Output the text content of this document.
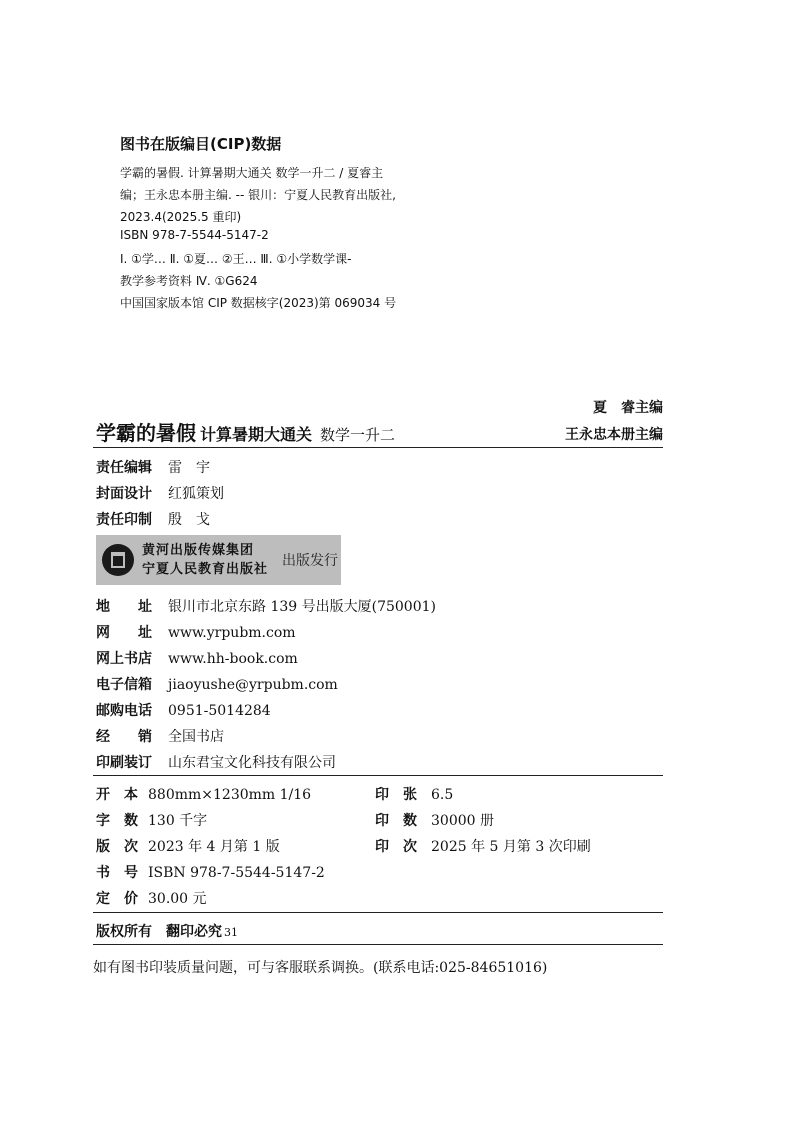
图书在版编目(CIP)数据
学霸的暑假. 计算暑期大通关 数学一升二 / 夏睿主
编；王永忠本册主编. -- 银川：宁夏人民教育出版社,
2023.4(2025.5 重印)
ISBN 978-7-5544-5147-2
Ⅰ. ①学… Ⅱ. ①夏… ②王… Ⅲ. ①小学数学课-
教学参考资料 Ⅳ. ①G624
中国国家版本馆 CIP 数据核字(2023)第 069034 号
夏　睿主编
王永忠本册主编
学霸的暑假 计算暑期大通关 数学一升二
责任编辑 雷　宇
封面设计 红狐策划
责任印制 殷　戈
黄河出版传媒集团
宁夏人民教育出版社
出版发行
地　　址 银川市北京东路 139 号出版大厦(750001)
网　　址 www.yrpubm.com
网上书店 www.hh-book.com
电子信箱 jiaoyushe@yrpubm.com
邮购电话 0951-5014284
经　　销 全国书店
印刷装订 山东君宝文化科技有限公司
开　本 880mm×1230mm 1/16
字　数 130 千字
版　次 2023 年 4 月第 1 版
书　号 ISBN 978-7-5544-5147-2
定　价 30.00 元
印　张 6.5
印　数 30000 册
印　次 2025 年 5 月第 3 次印刷
版权所有　翻印必究 31
如有图书印装质量问题，可与客服联系调换。(联系电话:025-84651016)
